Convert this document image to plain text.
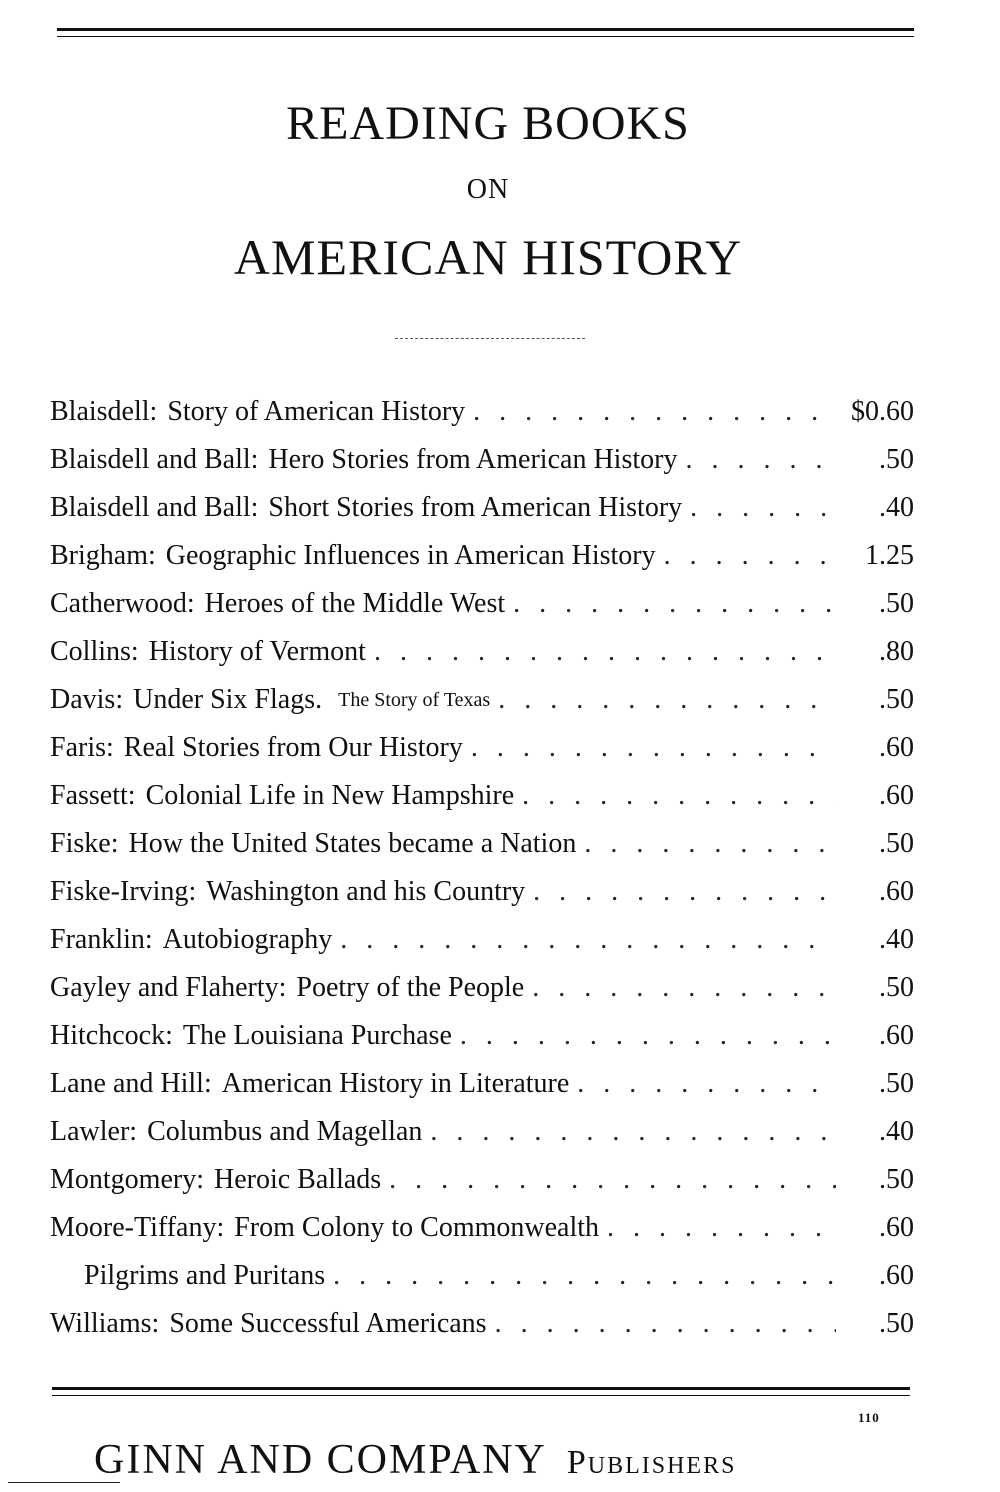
READING BOOKS
ON
AMERICAN HISTORY
Blaisdell : Story of American History . . .	$0.60
Blaisdell and Ball : Hero Stories from American History . . .	.50
Blaisdell and Ball : Short Stories from American History . . .	.40
Brigham : Geographic Influences in American History . . .	1.25
Catherwood : Heroes of the Middle West . . .	.50
Collins : History of Vermont . . .	.80
Davis : Under Six Flags. The Story of Texas . . .	.50
Faris : Real Stories from Our History . . .	.60
Fassett : Colonial Life in New Hampshire . . .	.60
Fiske : How the United States became a Nation . . .	.50
Fiske-Irving : Washington and his Country . . .	.60
Franklin : Autobiography . . .	.40
Gayley and Flaherty : Poetry of the People . . .	.50
Hitchcock : The Louisiana Purchase . . .	.60
Lane and Hill : American History in Literature . . .	.50
Lawler : Columbus and Magellan . . .	.40
Montgomery : Heroic Ballads . . .	.50
Moore-Tiffany : From Colony to Commonwealth . . .	.60
Pilgrims and Puritans . . .	.60
Williams : Some Successful Americans . . .	.50
110
GINN AND COMPANY Publishers
